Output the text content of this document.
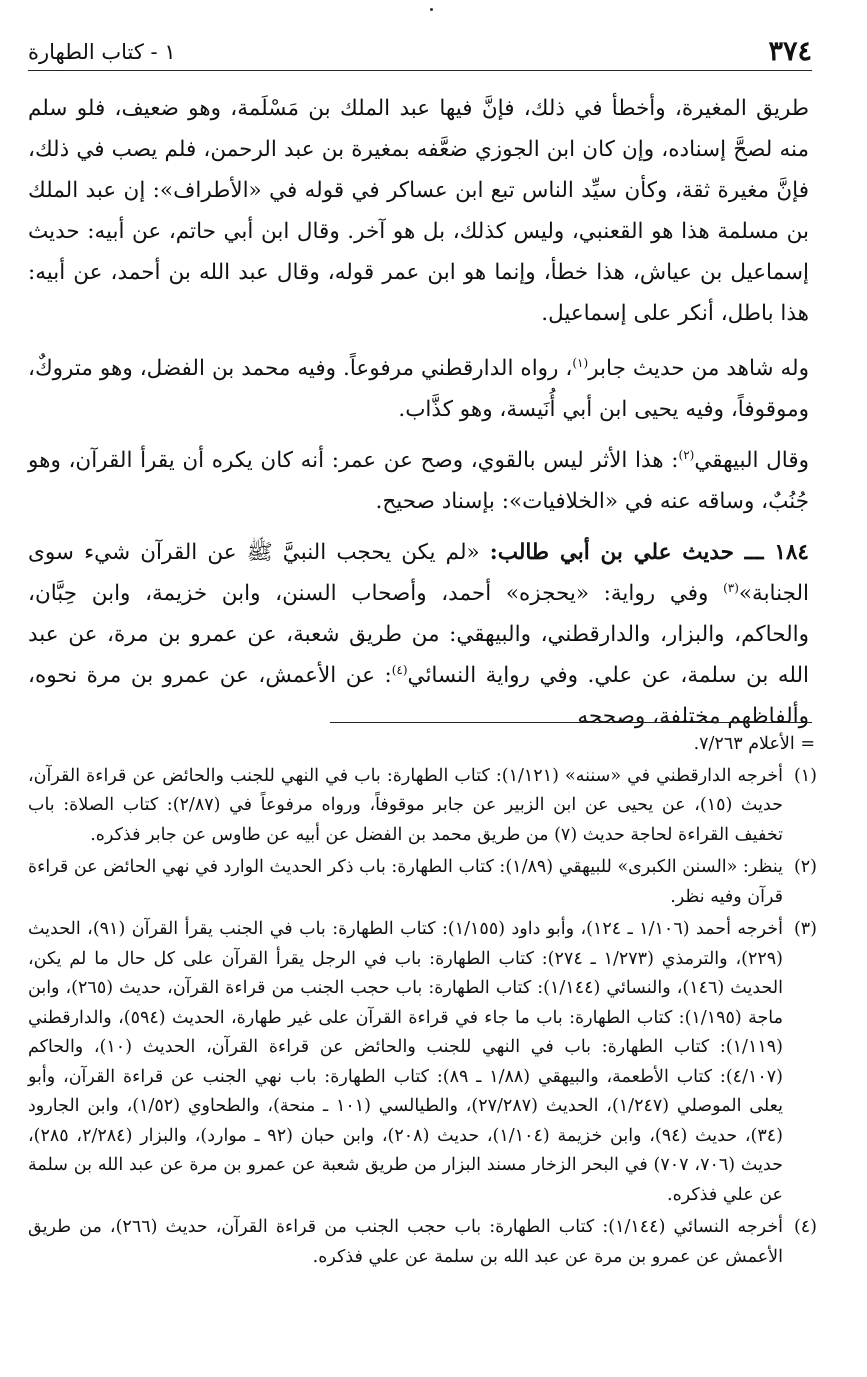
٣٧٤
١ - كتاب الطهارة

طريق المغيرة، وأخطأ في ذلك، فإنَّ فيها عبد الملك بن مَسْلَمة، وهو ضعيف، فلو سلم منه لصحَّ إسناده، وإن كان ابن الجوزي ضعَّفه بمغيرة بن عبد الرحمن، فلم يصب في ذلك، فإنَّ مغيرة ثقة، وكأن سيِّد الناس تبع ابن عساكر في قوله في «الأطراف»: إن عبد الملك بن مسلمة هذا هو القعنبي، وليس كذلك، بل هو آخر. وقال ابن أبي حاتم، عن أبيه: حديث إسماعيل بن عياش، هذا خطأ، وإنما هو ابن عمر قوله، وقال عبد الله بن أحمد، عن أبيه: هذا باطل، أنكر على إسماعيل.

وله شاهد من حديث جابر$^{(١)}$، رواه الدارقطني مرفوعاً. وفيه محمد بن الفضل، وهو متروكٌ، وموقوفاً، وفيه يحيى ابن أبي أُنَيسة، وهو كذَّاب.

وقال البيهقي$^{(٢)}$: هذا الأثر ليس بالقوي، وصح عن عمر: أنه كان يكره أن يقرأ القرآن، وهو جُنُبٌ، وساقه عنه في «الخلافيات»: بإسناد صحيح.

١٨٤ ـــ حديث علي بن أبي طالب: «لم يكن يحجب النبيَّ ﷺ عن القرآن شيء سوى الجنابة»$^{(٣)}$ وفي رواية: «يحجزه» أحمد، وأصحاب السنن، وابن خزيمة، وابن حِبَّان، والحاكم، والبزار، والدارقطني، والبيهقي: من طريق شعبة، عن عمرو بن مرة، عن عبد الله بن سلمة، عن علي. وفي رواية النسائي$^{(٤)}$: عن الأعمش، عن عمرو بن مرة نحوه، وألفاظهم مختلفة، وصححه

= الأعلام ٧/٢٦٣.

(١)
أخرجه الدارقطني في «سننه» (١/١٢١): كتاب الطهارة: باب في النهي للجنب والحائض عن قراءة القرآن، حديث (١٥)، عن يحيى عن ابن الزبير عن جابر موقوفاً، ورواه مرفوعاً في (٢/٨٧): كتاب الصلاة: باب تخفيف القراءة لحاجة حديث (٧) من طريق محمد بن الفضل عن أبيه عن طاوس عن جابر فذكره.

(٢)
ينظر: «السنن الكبرى» للبيهقي (١/٨٩): كتاب الطهارة: باب ذكر الحديث الوارد في نهي الحائض عن قراءة قرآن وفيه نظر.

(٣)
أخرجه أحمد (١/١٠٦ ـ ١٢٤)، وأبو داود (١/١٥٥): كتاب الطهارة: باب في الجنب يقرأ القرآن (٩١)، الحديث (٢٢٩)، والترمذي (١/٢٧٣ ـ ٢٧٤): كتاب الطهارة: باب في الرجل يقرأ القرآن على كل حال ما لم يكن، الحديث (١٤٦)، والنسائي (١/١٤٤): كتاب الطهارة: باب حجب الجنب من قراءة القرآن، حديث (٢٦٥)، وابن ماجة (١/١٩٥): كتاب الطهارة: باب ما جاء في قراءة القرآن على غير طهارة، الحديث (٥٩٤)، والدارقطني (١/١١٩): كتاب الطهارة: باب في النهي للجنب والحائض عن قراءة القرآن، الحديث (١٠)، والحاكم (٤/١٠٧): كتاب الأطعمة، والبيهقي (١/٨٨ ـ ٨٩): كتاب الطهارة: باب نهي الجنب عن قراءة القرآن، وأبو يعلى الموصلي (١/٢٤٧)، الحديث (٢٧/٢٨٧)، والطيالسي (١٠١ ـ منحة)، والطحاوي (١/٥٢)، وابن الجارود (٣٤)، حديث (٩٤)، وابن خزيمة (١/١٠٤)، حديث (٢٠٨)، وابن حبان (٩٢ ـ موارد)، والبزار (٢/٢٨٤، ٢٨٥)، حديث (٧٠٦، ٧٠٧) في البحر الزخار مسند البزار من طريق شعبة عن عمرو بن مرة عن عبد الله بن سلمة عن علي فذكره.

(٤)
أخرجه النسائي (١/١٤٤): كتاب الطهارة: باب حجب الجنب من قراءة القرآن، حديث (٢٦٦)، من طريق الأعمش عن عمرو بن مرة عن عبد الله بن سلمة عن علي فذكره.
